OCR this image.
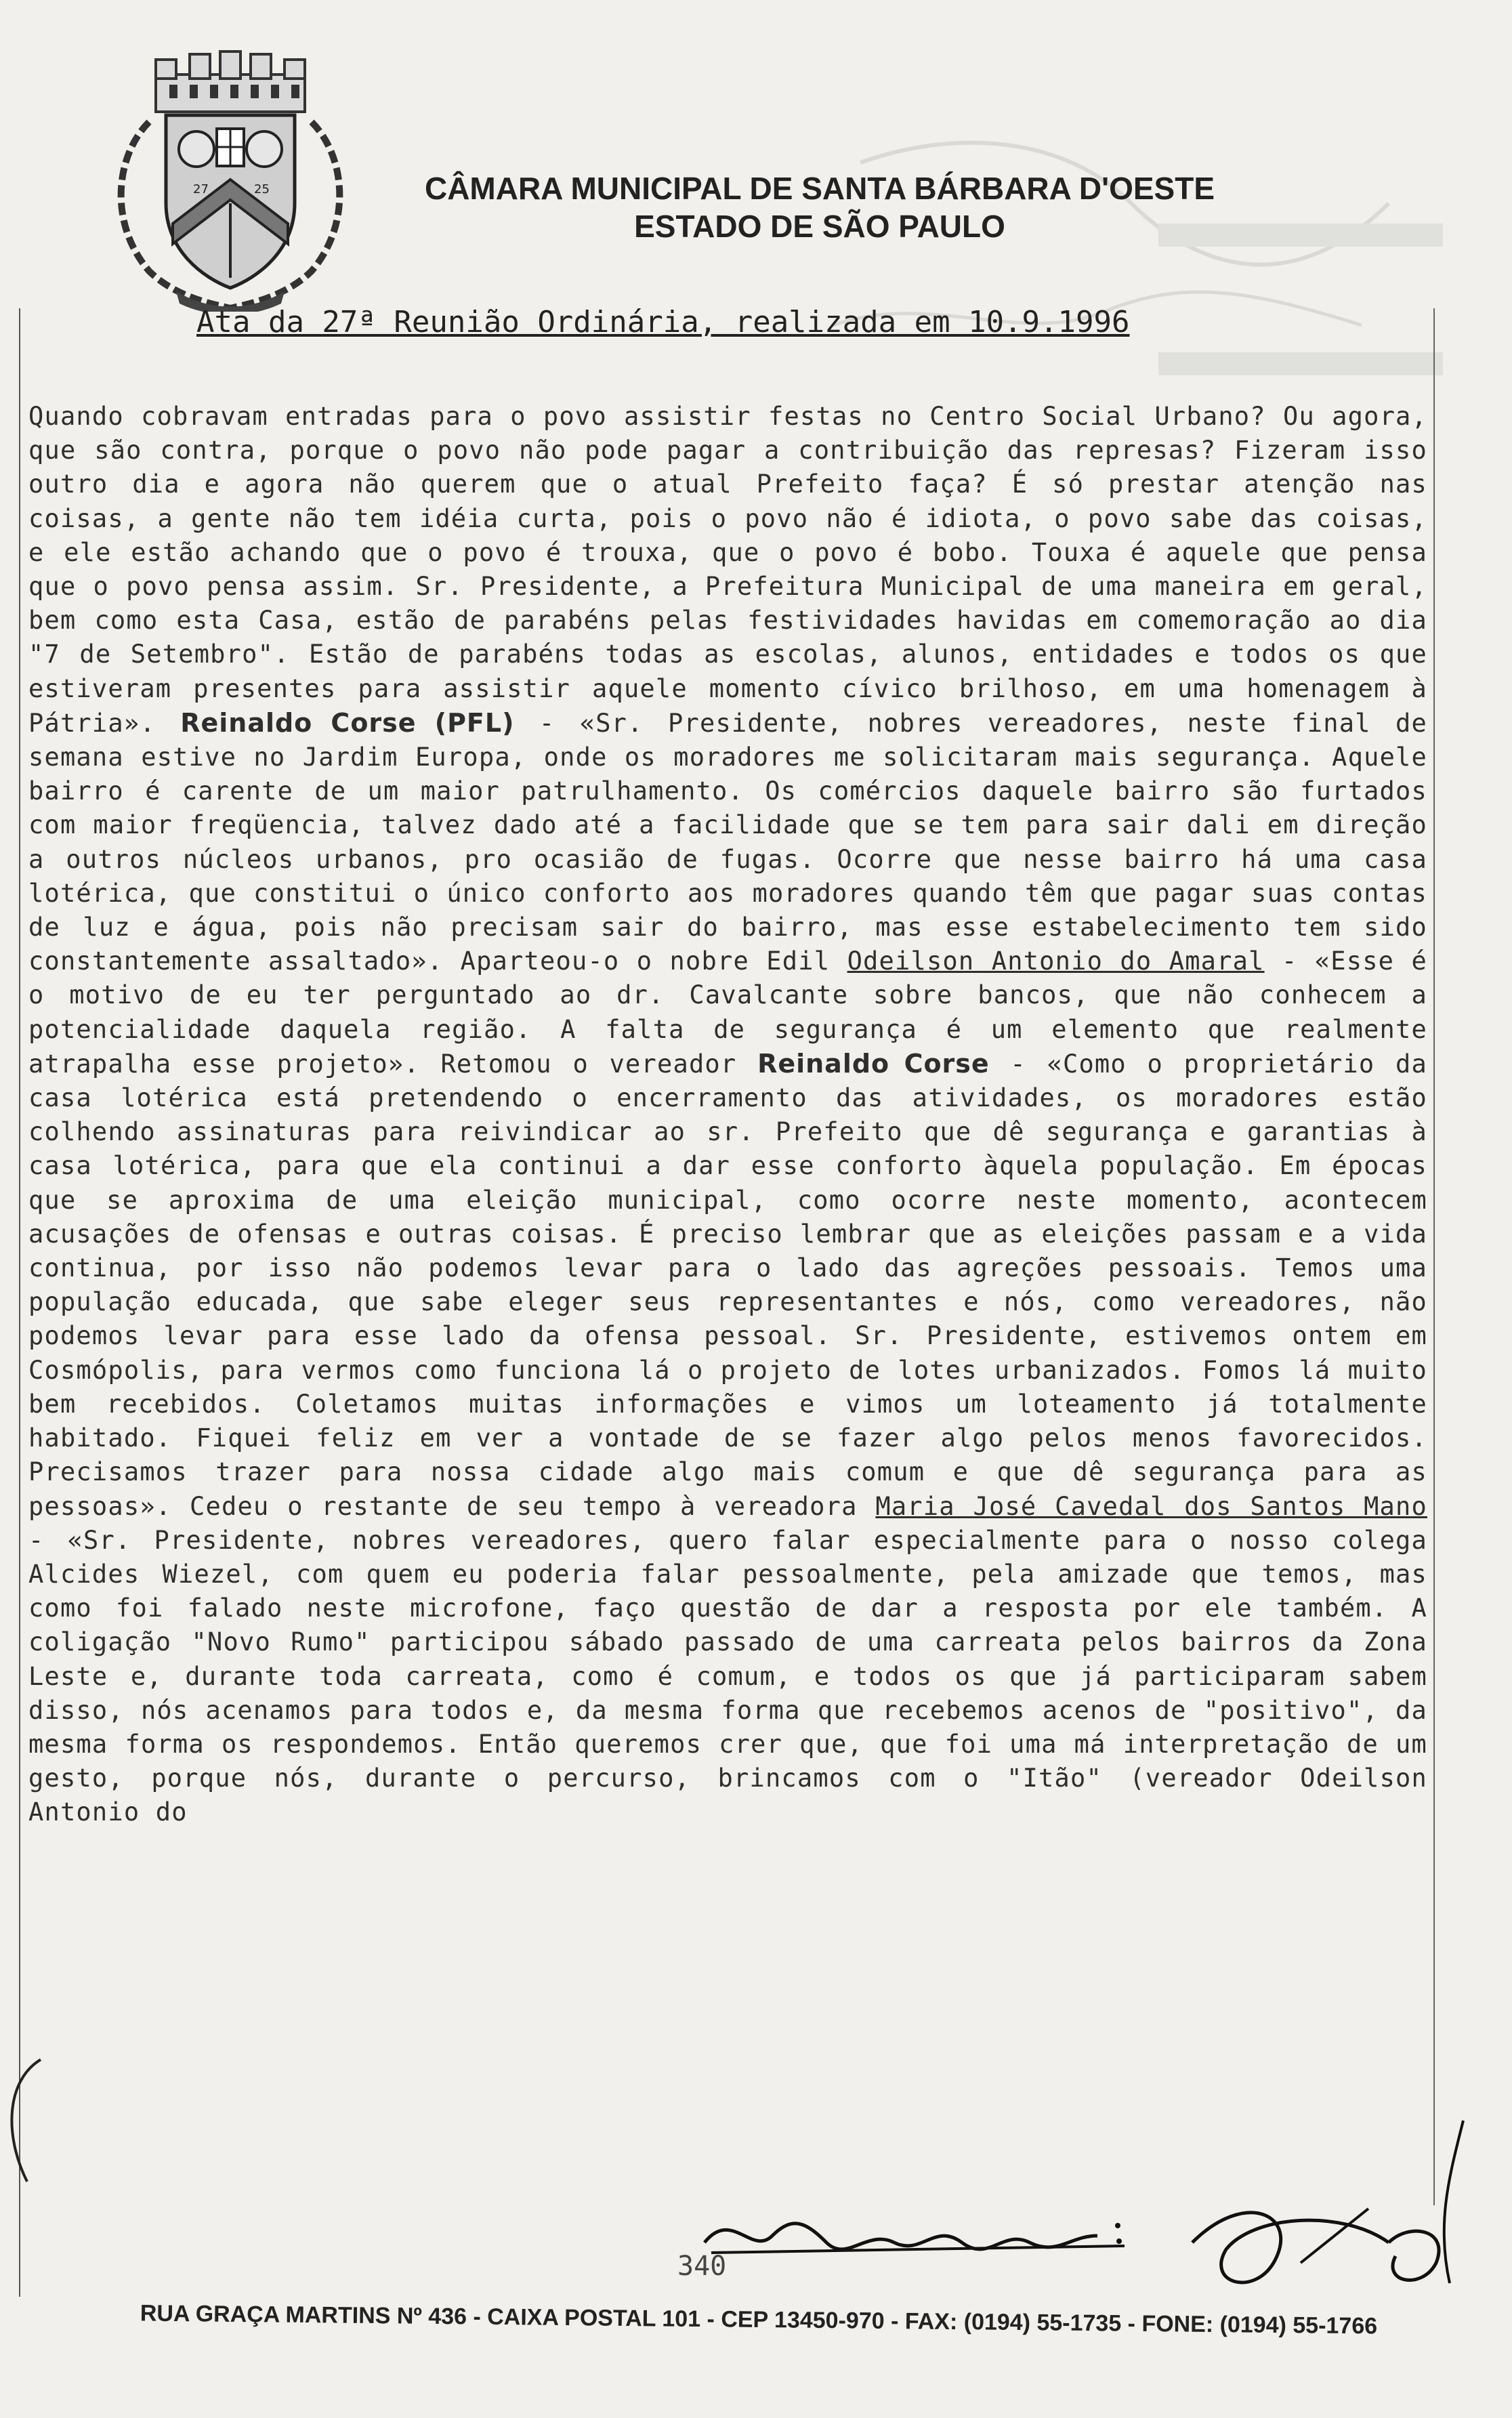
27	25	CÂMARA MUNICIPAL DE SANTA BÁRBARA D'OESTE
ESTADO DE SÃO PAULO
Ata da 27ª Reunião Ordinária, realizada em 10.9.1996

Quando cobravam entradas para o povo assistir festas no Centro Social Urbano? Ou agora, que são contra, porque o povo não pode pagar a contribuição das represas? Fizeram isso outro dia e agora não querem que o atual Prefeito faça? É só prestar atenção nas coisas, a gente não tem idéia curta, pois o povo não é idiota, o povo sabe das coisas, e ele estão achando que o povo é trouxa, que o povo é bobo. Touxa é aquele que pensa que o povo pensa assim. Sr. Presidente, a Prefeitura Municipal de uma maneira em geral, bem como esta Casa, estão de parabéns pelas festividades havidas em comemoração ao dia "7 de Setembro". Estão de parabéns todas as escolas, alunos, entidades e todos os que estiveram presentes para assistir aquele momento cívico brilhoso, em uma homenagem à Pátria». Reinaldo Corse (PFL) - «Sr. Presidente, nobres vereadores, neste final de semana estive no Jardim Europa, onde os moradores me solicitaram mais segurança. Aquele bairro é carente de um maior patrulhamento. Os comércios daquele bairro são furtados com maior freqüencia, talvez dado até a facilidade que se tem para sair dali em direção a outros núcleos urbanos, pro ocasião de fugas. Ocorre que nesse bairro há uma casa lotérica, que constitui o único conforto aos moradores quando têm que pagar suas contas de luz e água, pois não precisam sair do bairro, mas esse estabelecimento tem sido constantemente assaltado». Aparteou-o o nobre Edil Odeilson Antonio do Amaral - «Esse é o motivo de eu ter perguntado ao dr. Cavalcante sobre bancos, que não conhecem a potencialidade daquela região. A falta de segurança é um elemento que realmente atrapalha esse projeto». Retomou o vereador Reinaldo Corse - «Como o proprietário da casa lotérica está pretendendo o encerramento das atividades, os moradores estão colhendo assinaturas para reivindicar ao sr. Prefeito que dê segurança e garantias à casa lotérica, para que ela continui a dar esse conforto àquela população. Em épocas que se aproxima de uma eleição municipal, como ocorre neste momento, acontecem acusações de ofensas e outras coisas. É preciso lembrar que as eleições passam e a vida continua, por isso não podemos levar para o lado das agreções pessoais. Temos uma população educada, que sabe eleger seus representantes e nós, como vereadores, não podemos levar para esse lado da ofensa pessoal. Sr. Presidente, estivemos ontem em Cosmópolis, para vermos como funciona lá o projeto de lotes urbanizados. Fomos lá muito bem recebidos. Coletamos muitas informações e vimos um loteamento já totalmente habitado. Fiquei feliz em ver a vontade de se fazer algo pelos menos favorecidos. Precisamos trazer para nossa cidade algo mais comum e que dê segurança para as pessoas». Cedeu o restante de seu tempo à vereadora Maria José Cavedal dos Santos Mano - «Sr. Presidente, nobres vereadores, quero falar especialmente para o nosso colega Alcides Wiezel, com quem eu poderia falar pessoalmente, pela amizade que temos, mas como foi falado neste microfone, faço questão de dar a resposta por ele também. A coligação "Novo Rumo" participou sábado passado de uma carreata pelos bairros da Zona Leste e, durante toda carreata, como é comum, e todos os que já participaram sabem disso, nós acenamos para todos e, da mesma forma que recebemos acenos de "positivo", da mesma forma os respondemos. Então queremos crer que, que foi uma má interpretação de um gesto, porque nós, durante o percurso, brincamos com o "Itão" (vereador Odeilson Antonio do

340
RUA GRAÇA MARTINS Nº 436 - CAIXA POSTAL 101 - CEP 13450-970 - FAX: (0194) 55-1735 - FONE: (0194) 55-1766
